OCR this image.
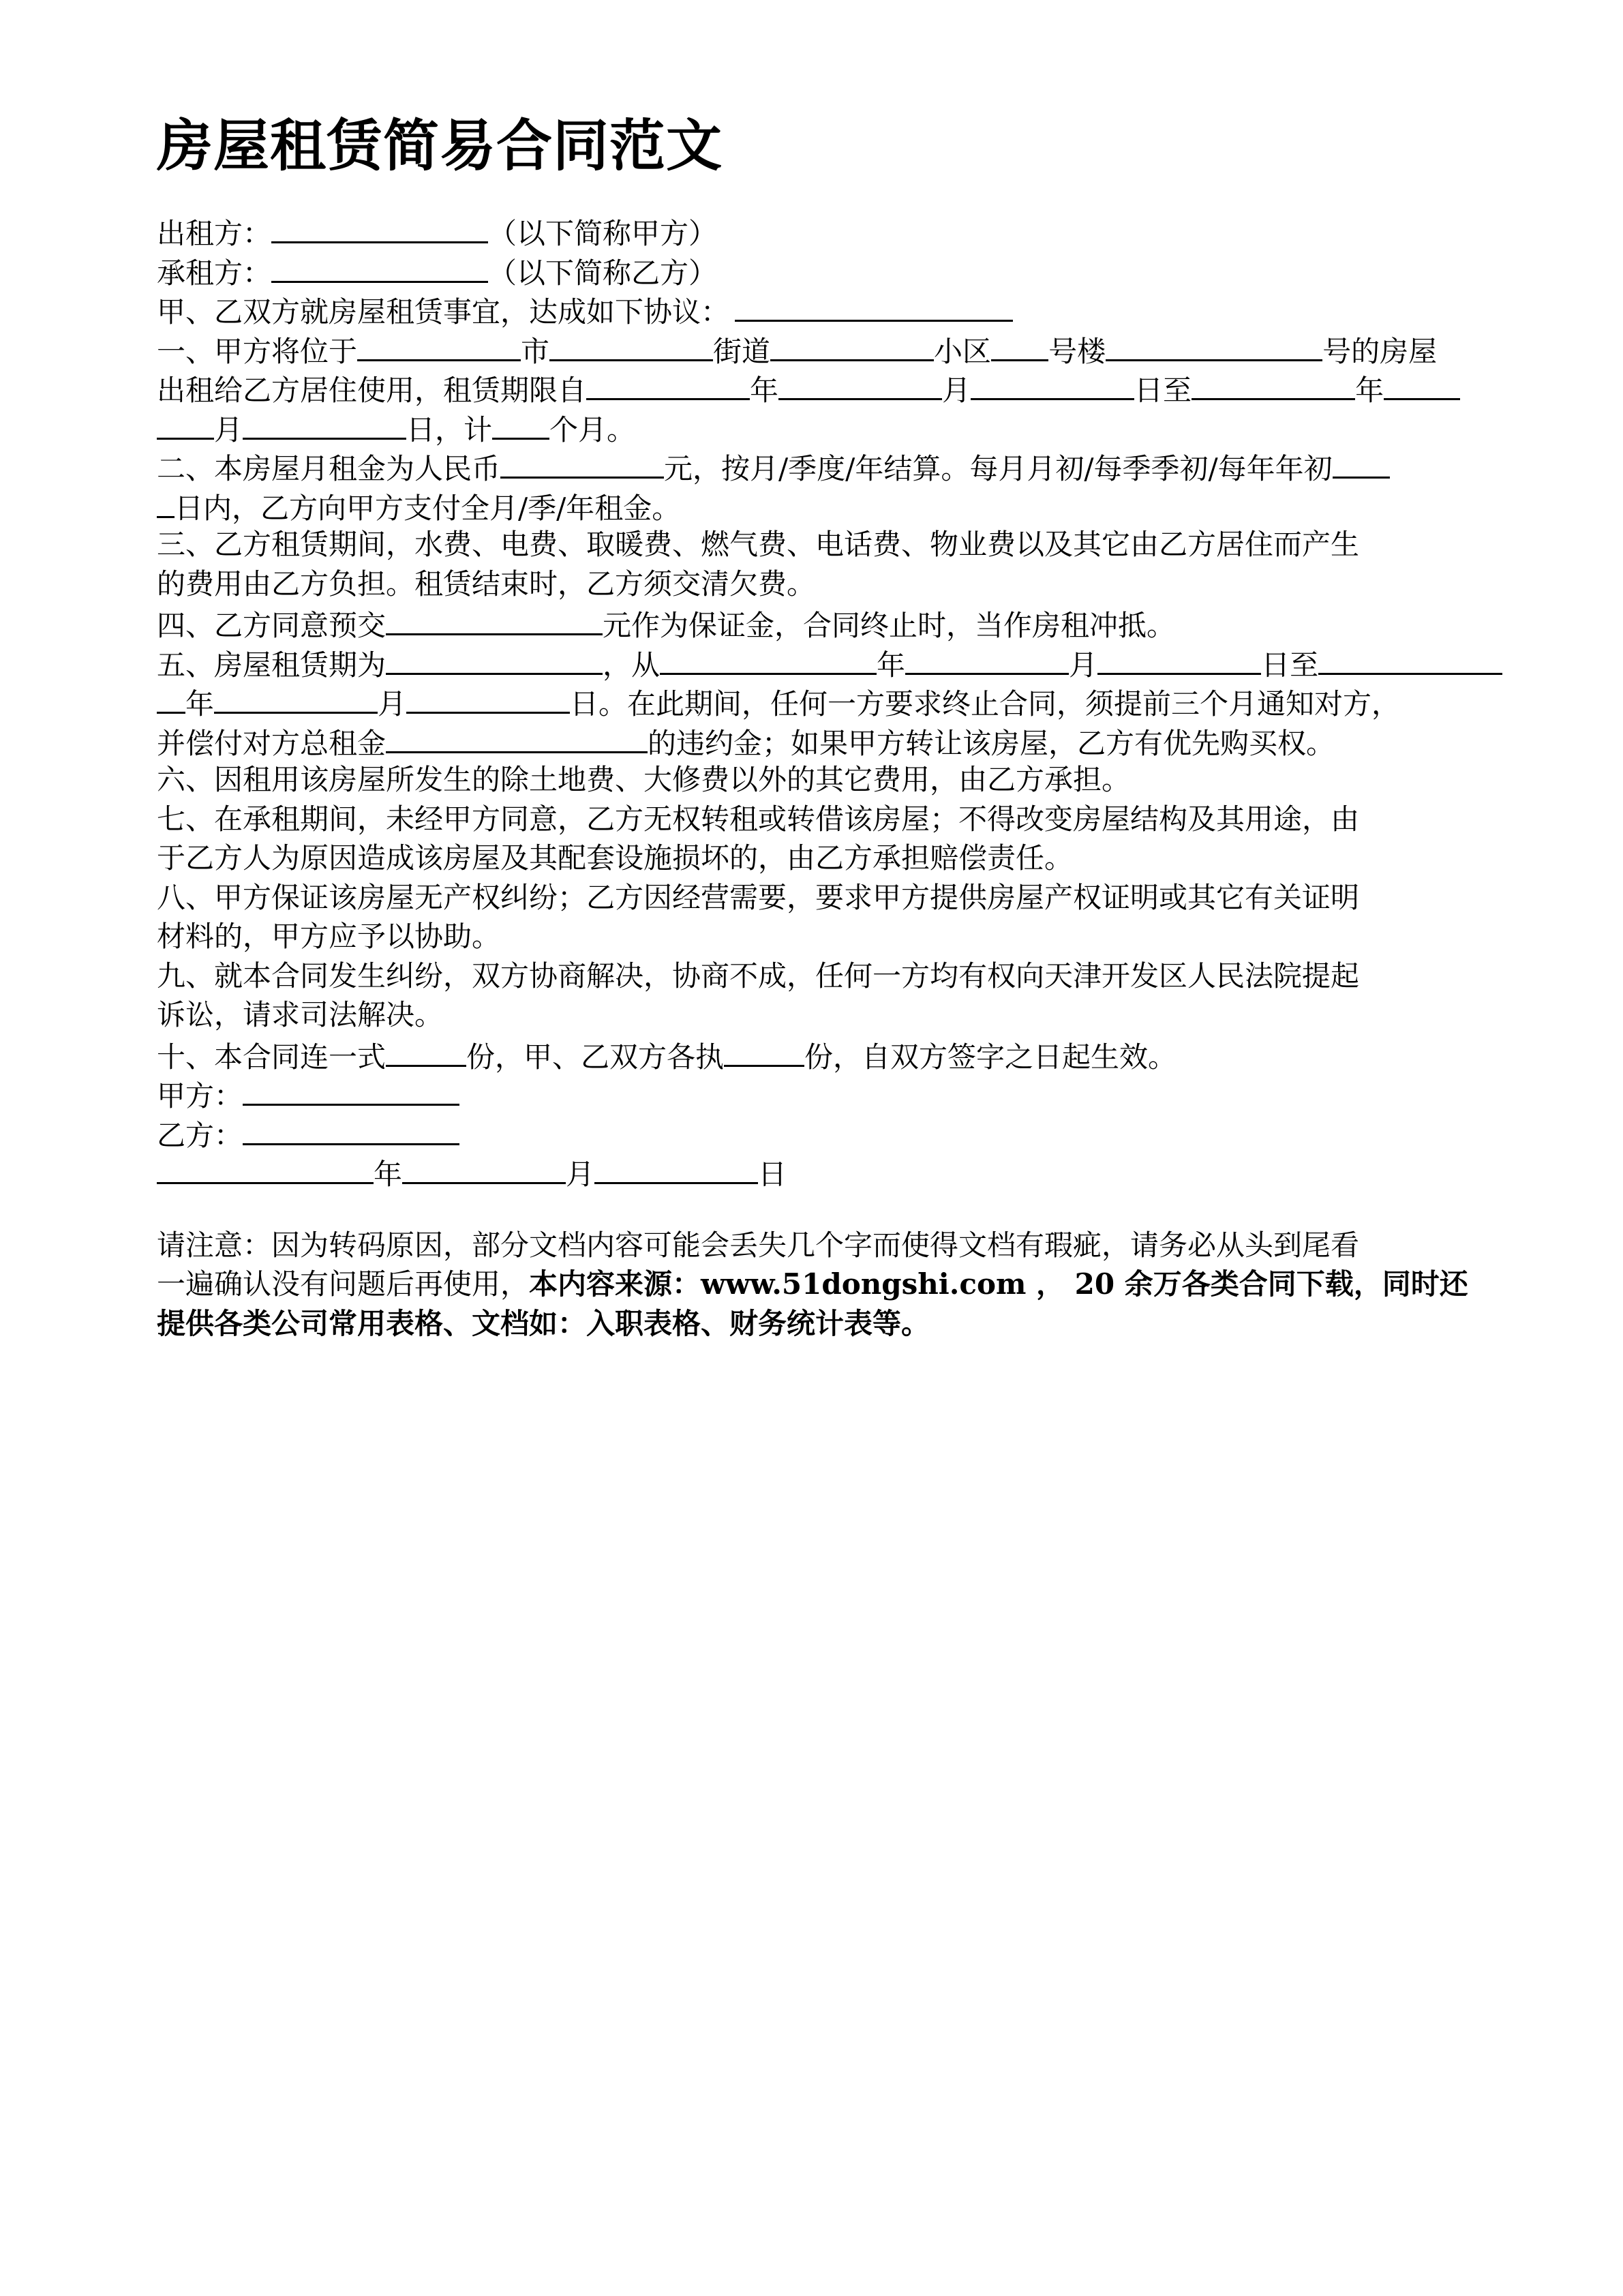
房屋租赁简易合同范文
出租方：	（以下简称甲方）
承租方：	（以下简称乙方）
甲、乙双方就房屋租赁事宜，达成如下协议：
一、甲方将位于	市	街道	小区 号楼	号的房屋
出租给乙方居住使用，租赁期限自	年	月	日至	年
月	日，计 个月。
二、本房屋月租金为人民币	元，按月/季度/年结算。每月月初/每季季初/每年年初
日内，乙方向甲方支付全月/季/年租金。
三、乙方租赁期间，水费、电费、取暖费、燃气费、电话费、物业费以及其它由乙方居住而产生
的费用由乙方负担。租赁结束时，乙方须交清欠费。
四、乙方同意预交	元作为保证金，合同终止时，当作房租冲抵。
五、房屋租赁期为	，从	年	月	日至
年	月	日。在此期间，任何一方要求终止合同，须提前三个月通知对方，
并偿付对方总租金	的违约金；如果甲方转让该房屋，乙方有优先购买权。
六、因租用该房屋所发生的除土地费、大修费以外的其它费用，由乙方承担。
七、在承租期间，未经甲方同意，乙方无权转租或转借该房屋；不得改变房屋结构及其用途，由
于乙方人为原因造成该房屋及其配套设施损坏的，由乙方承担赔偿责任。
八、甲方保证该房屋无产权纠纷；乙方因经营需要，要求甲方提供房屋产权证明或其它有关证明
材料的，甲方应予以协助。
九、就本合同发生纠纷，双方协商解决，协商不成，任何一方均有权向天津开发区人民法院提起
诉讼，请求司法解决。
十、本合同连一式	份，甲、乙双方各执	份，自双方签字之日起生效。
甲方：
乙方：
年	月	日
请注意：因为转码原因，部分文档内容可能会丢失几个字而使得文档有瑕疵，请务必从头到尾看
一遍确认没有问题后再使用，本内容来源：www.51dongshi.com ， 20 余万各类合同下载，同时还
提供各类公司常用表格、文档如：入职表格、财务统计表等。
